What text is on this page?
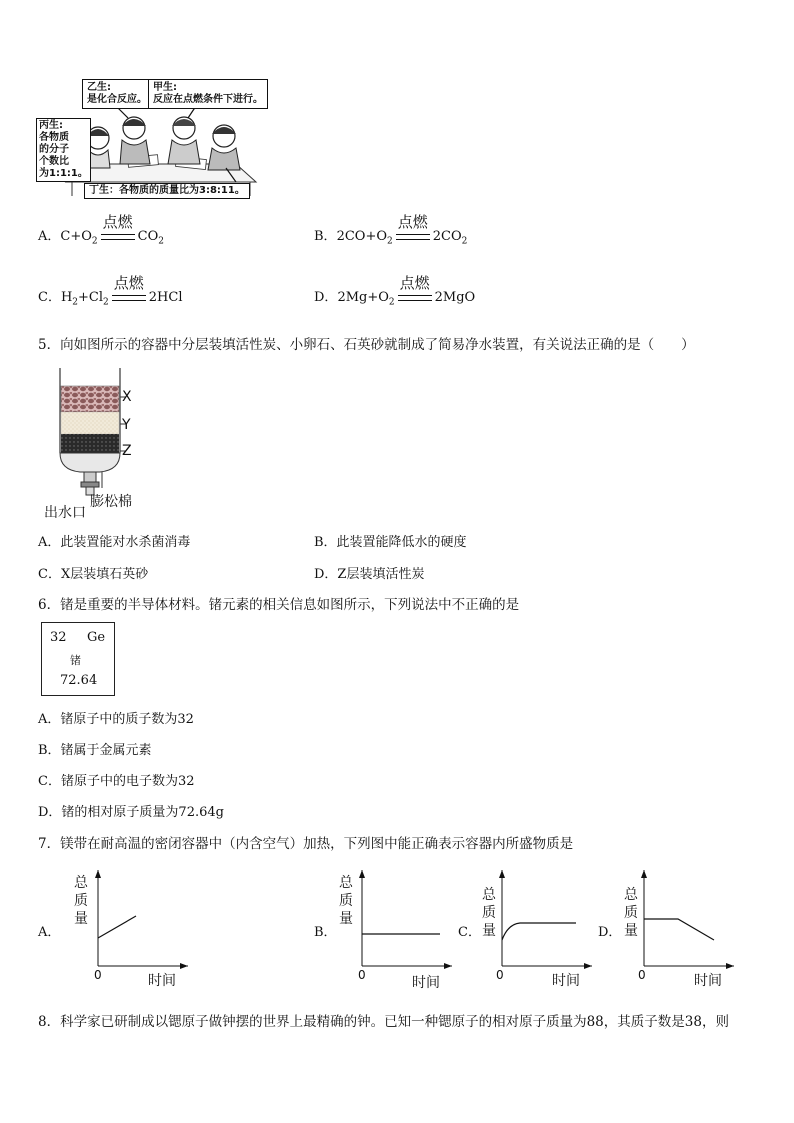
乙生:
是化合反应。
甲生:
反应在点燃条件下进行。
丙生:
各物质
的分子
个数比
为1:1:1。
丁生：各物质的质量比为3:8:11。
A．$C+O_2$
点燃
$CO_2$	B．$2CO+O_2$
点燃
$2CO_2$
C．$H_2+Cl_2$
点燃
2HCl	D．$2Mg+O_2$
点燃
2MgO
5．向如图所示的容器中分层装填活性炭、小卵石、石英砂就制成了简易净水装置，有关说法正确的是（　　）
X
Y
Z
膨松棉
出水口
A．此装置能对水杀菌消毒	B．此装置能降低水的硬度
C．X层装填石英砂	D．Z层装填活性炭
6．锗是重要的半导体材料。锗元素的相关信息如图所示，下列说法中不正确的是
32 Ge
锗
72.64
A．锗原子中的质子数为32
B．锗属于金属元素
C．锗原子中的电子数为32
D．锗的相对原子质量为72.64g
7．镁带在耐高温的密闭容器中（内含空气）加热，下列图中能正确表示容器内所盛物质是
A．
总
质
量
0	时间
B．
总
质
量
0	时间
C．
总
质
量
0	时间
D．
总
质
量
0	时间
8．科学家已研制成以锶原子做钟摆的世界上最精确的钟。已知一种锶原子的相对原子质量为88，其质子数是38，则
